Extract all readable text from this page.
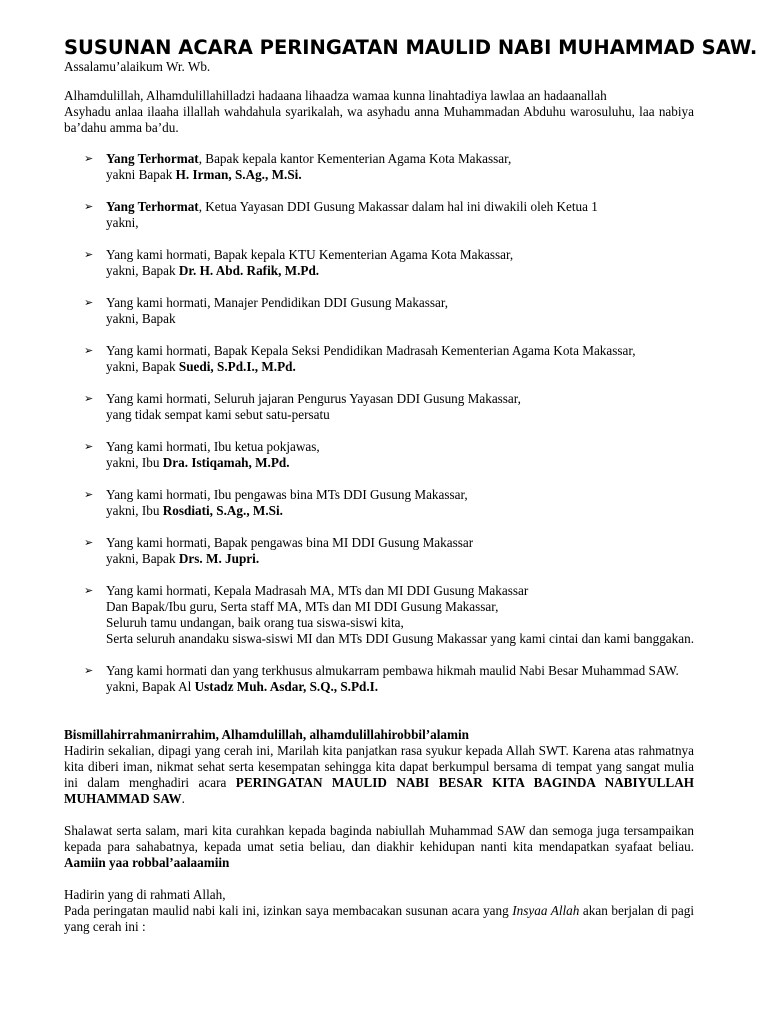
SUSUNAN ACARA PERINGATAN MAULID NABI MUHAMMAD SAW.

Assalamu’alaikum Wr. Wb.

Alhamdulillah, Alhamdulillahilladzi hadaana lihaadza wamaa kunna linahtadiya lawlaa an hadaanallah
Asyhadu anlaa ilaaha illallah wahdahula syarikalah, wa asyhadu anna Muhammadan Abduhu warosuluhu, laa nabiya ba’dahu amma ba’du.

➢ Yang Terhormat, Bapak kepala kantor Kementerian Agama Kota Makassar,
yakni Bapak H. Irman, S.Ag., M.Si.
➢ Yang Terhormat, Ketua Yayasan DDI Gusung Makassar dalam hal ini diwakili oleh Ketua 1
yakni,
➢ Yang kami hormati, Bapak kepala KTU Kementerian Agama Kota Makassar,
yakni, Bapak Dr. H. Abd. Rafik, M.Pd.
➢ Yang kami hormati, Manajer Pendidikan DDI Gusung Makassar,
yakni, Bapak
➢ Yang kami hormati, Bapak Kepala Seksi Pendidikan Madrasah Kementerian Agama Kota Makassar,
yakni, Bapak Suedi, S.Pd.I., M.Pd.
➢ Yang kami hormati, Seluruh jajaran Pengurus Yayasan DDI Gusung Makassar,
yang tidak sempat kami sebut satu-persatu
➢ Yang kami hormati, Ibu ketua pokjawas,
yakni, Ibu Dra. Istiqamah, M.Pd.
➢ Yang kami hormati, Ibu pengawas bina MTs DDI Gusung Makassar,
yakni, Ibu Rosdiati, S.Ag., M.Si.
➢ Yang kami hormati, Bapak pengawas bina MI DDI Gusung Makassar
yakni, Bapak Drs. M. Jupri.
➢ Yang kami hormati, Kepala Madrasah MA, MTs dan MI DDI Gusung Makassar
Dan Bapak/Ibu guru, Serta staff MA, MTs dan MI DDI Gusung Makassar,
Seluruh tamu undangan, baik orang tua siswa-siswi kita,
Serta seluruh anandaku siswa-siswi MI dan MTs DDI Gusung Makassar yang kami cintai dan kami banggakan.
➢ Yang kami hormati dan yang terkhusus almukarram pembawa hikmah maulid Nabi Besar Muhammad SAW.
yakni, Bapak Al Ustadz Muh. Asdar, S.Q., S.Pd.I.

Bismillahirrahmanirrahim, Alhamdulillah, alhamdulillahirobbil’alamin
Hadirin sekalian, dipagi yang cerah ini, Marilah kita panjatkan rasa syukur kepada Allah SWT. Karena atas rahmatnya kita diberi iman, nikmat sehat serta kesempatan sehingga kita dapat berkumpul bersama di tempat yang sangat mulia ini dalam menghadiri acara PERINGATAN MAULID NABI BESAR KITA BAGINDA NABIYULLAH MUHAMMAD SAW.

Shalawat serta salam, mari kita curahkan kepada baginda nabiullah Muhammad SAW dan semoga juga tersampaikan kepada para sahabatnya, kepada umat setia beliau, dan diakhir kehidupan nanti kita mendapatkan syafaat beliau. Aamiin yaa robbal’aalaamiin

Hadirin yang di rahmati Allah,
Pada peringatan maulid nabi kali ini, izinkan saya membacakan susunan acara yang Insyaa Allah akan berjalan di pagi yang cerah ini :
